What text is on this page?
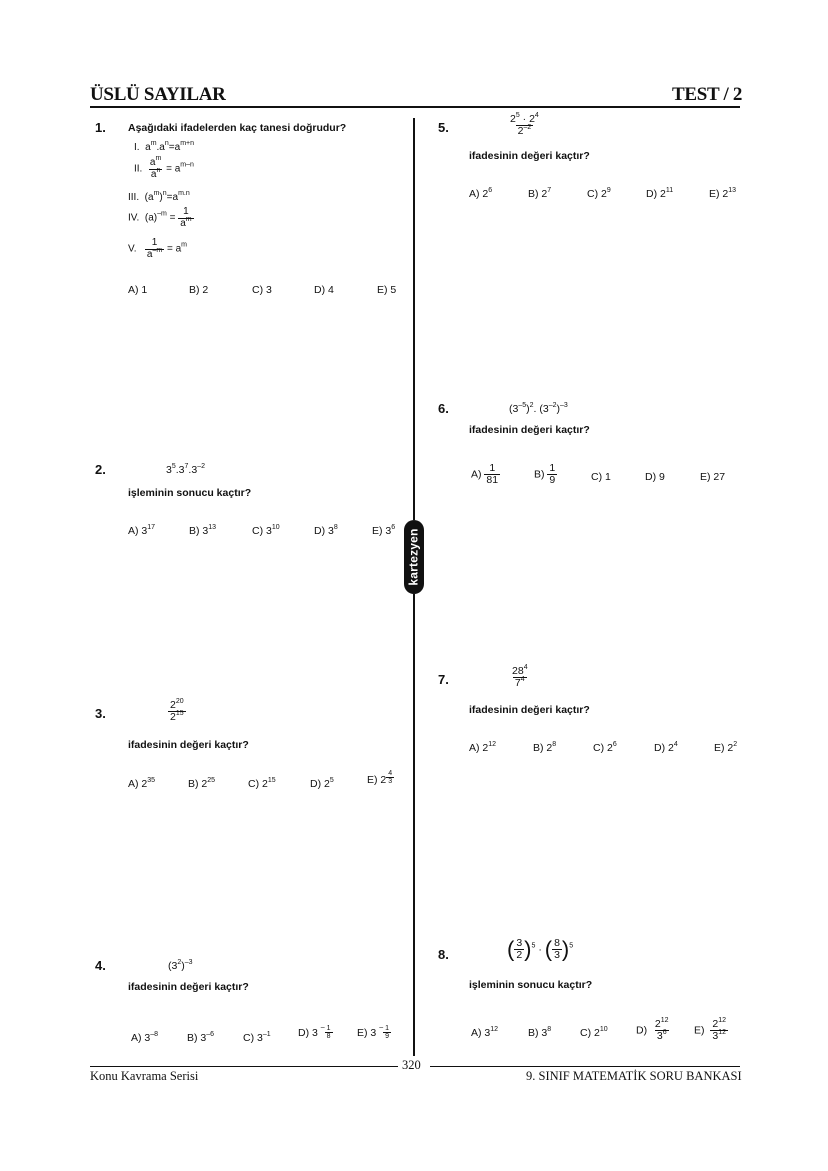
ÜSLÜ SAYILAR	TEST / 2
kartezyen
1. Aşağıdaki ifadelerden kaç tanesi doğrudur?
I.  $a^m.a^n=a^{m+n}$
II. $\frac{a^m}{a^n} = a^{m-n}$
III.  $(a^m)^n=a^{m.n}$
IV.  $(a)^{-m} = \frac{1}{a^m}$
V. $\frac{1}{a^{-m}} = a^m$
A) 1	B) 2	C) 3	D) 4	E) 5
2.	$3^5.3^7.3^{-2}$
işleminin sonucu kaçtır?
A) $3^{17}$	B) $3^{13}$	C) $3^{10}$	D) $3^8$	E) $3^6$
3.	$\frac{2^{20}}{2^{15}}$
ifadesinin değeri kaçtır?
A) $2^{35}$	B) $2^{25}$	C) $2^{15}$	D) $2^5$	E) $2 \frac{4}{3}$
4.	$(3^2)^{-3}$
ifadesinin değeri kaçtır?
A) $3^{-8}$	B) $3^{-6}$	C) $3^{-1}$	D) 3 $^- \frac{1}{8} E$) 3 $^- \frac{1}{9}$
5.	$\frac{2^5 \cdot 2^4}{2^{-2}}$
ifadesinin değeri kaçtır?
A) $2^6$	B) $2^7$	C) $2^9$	D) $2^{11}$	E) $2^{13}$
6.	$(3^{-5})^2$. $(3^{-2})^{-3}$
ifadesinin değeri kaçtır?
$A) \frac{1}{81}$	$B) \frac{1}{9}$	C) 1	D) 9	E) 27
7.	$\frac{28^4}{7^4}$
ifadesinin değeri kaçtır?
A) $2^{12}$	B) $2^8$	C) $2^6$	D) $2^4$	E) $2^2$
8.	( $\frac{3}{2} )^5$ · ( $\frac{8}{3} )^5$
işleminin sonucu kaçtır?
A) $3^{12}$	B) $3^8$	C) $2^{10}$	$D) \frac{2^{12}}{3^6} E) \frac{2^{12}}{3^{12}}$
320
Konu Kavrama Serisi	9. SINIF MATEMATİK SORU BANKASI
